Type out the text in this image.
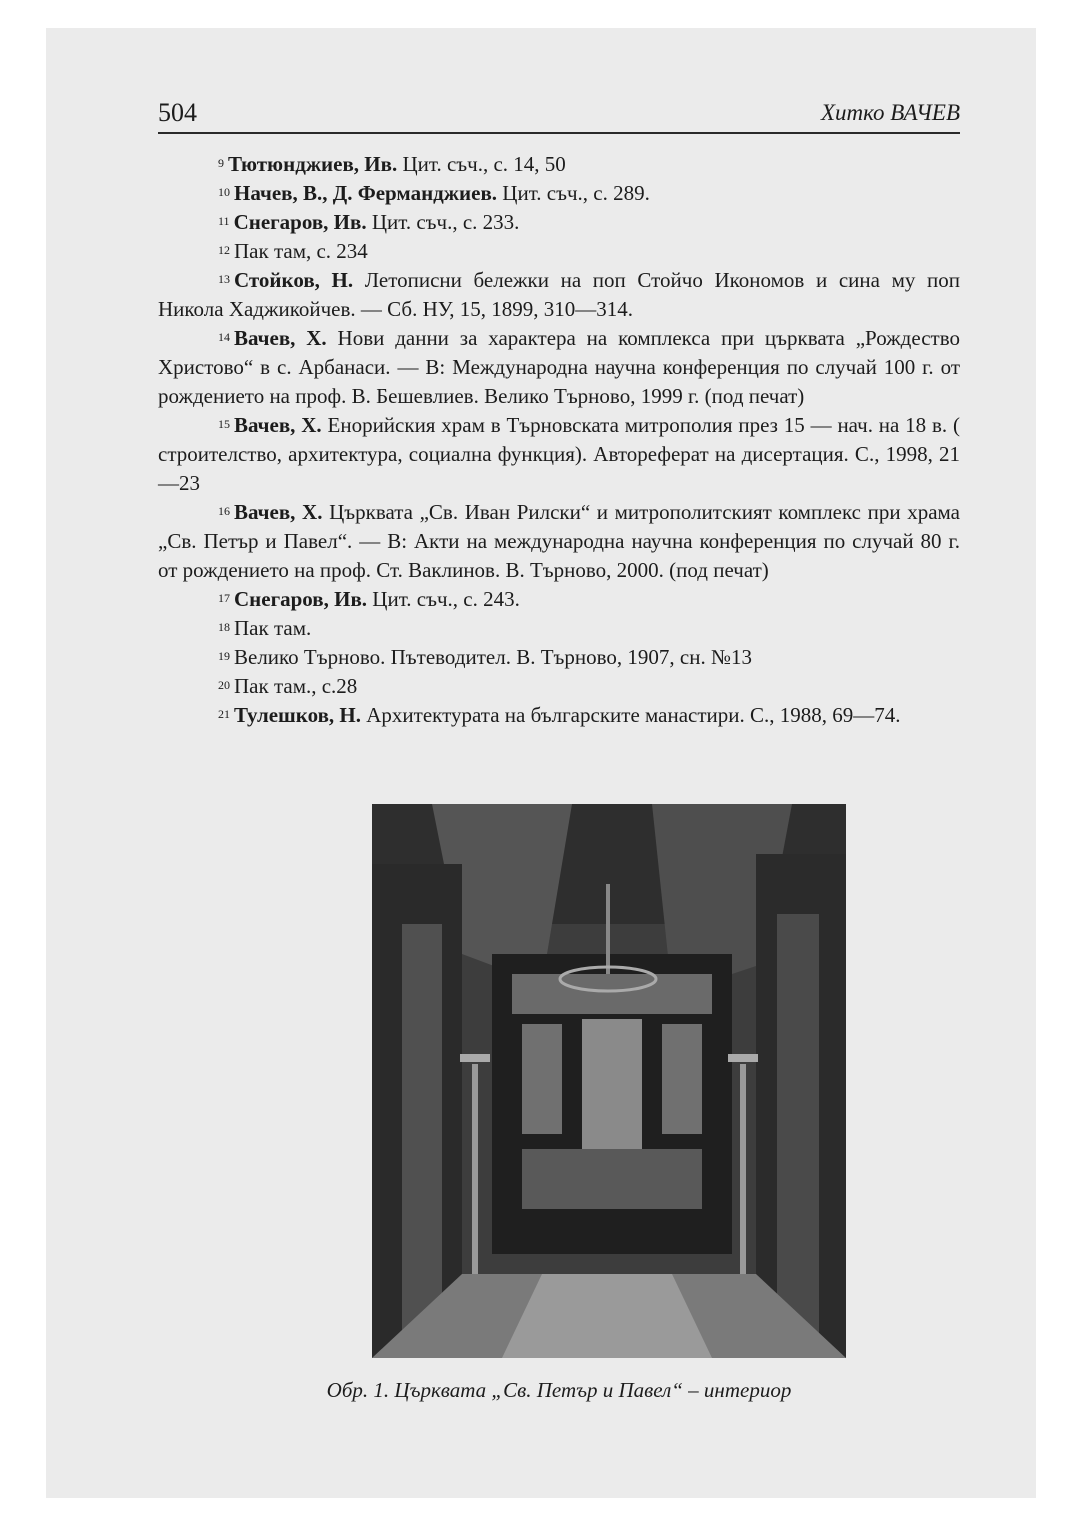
504	Хитко ВАЧЕВ
$^9$ Тютюнджиев, Ив. Цит. съч., с. 14, 50
$^{10}$ Начев, В., Д. Ферманджиев. Цит. съч., с. 289.
$^{11}$ Снегаров, Ив. Цит. съч., с. 233.
$^{12}$ Пак там, с. 234
$^{13}$ Стойков, Н. Летописни бележки на поп Стойчо Икономов и сина му поп Никола Хаджикойчев. — Сб. НУ, 15, 1899, 310—314.
$^{14}$ Вачев, Х. Нови данни за характера на комплекса при църквата „Рождество Христово“ в с. Арбанаси. — В: Международна научна конференция по случай 100 г. от рождението на проф. В. Бешевлиев. Велико Търново, 1999 г. (под печат)
$^{15}$ Вачев, Х. Енорийския храм в Търновската митрополия през 15 — нач. на 18 в. ( строителство, архитектура, социална функция). Автореферат на дисертация. С., 1998, 21—23
$^{16}$ Вачев, Х. Църквата „Св. Иван Рилски“ и митрополитският комплекс при храма „Св. Петър и Павел“. — В: Акти на международна научна конференция по случай 80 г. от рождението на проф. Ст. Ваклинов. В. Търново, 2000. (под печат)
$^{17}$ Снегаров, Ив. Цит. съч., с. 243.
$^{18}$ Пак там.
$^{19}$ Велико Търново. Пътеводител. В. Търново, 1907, сн. №13
$^{20}$ Пак там., с.28
$^{21}$ Тулешков, Н. Архитектурата на българските манастири. С., 1988, 69—74.
Обр. 1. Църквата „Св. Петър и Павел“ – интериор
